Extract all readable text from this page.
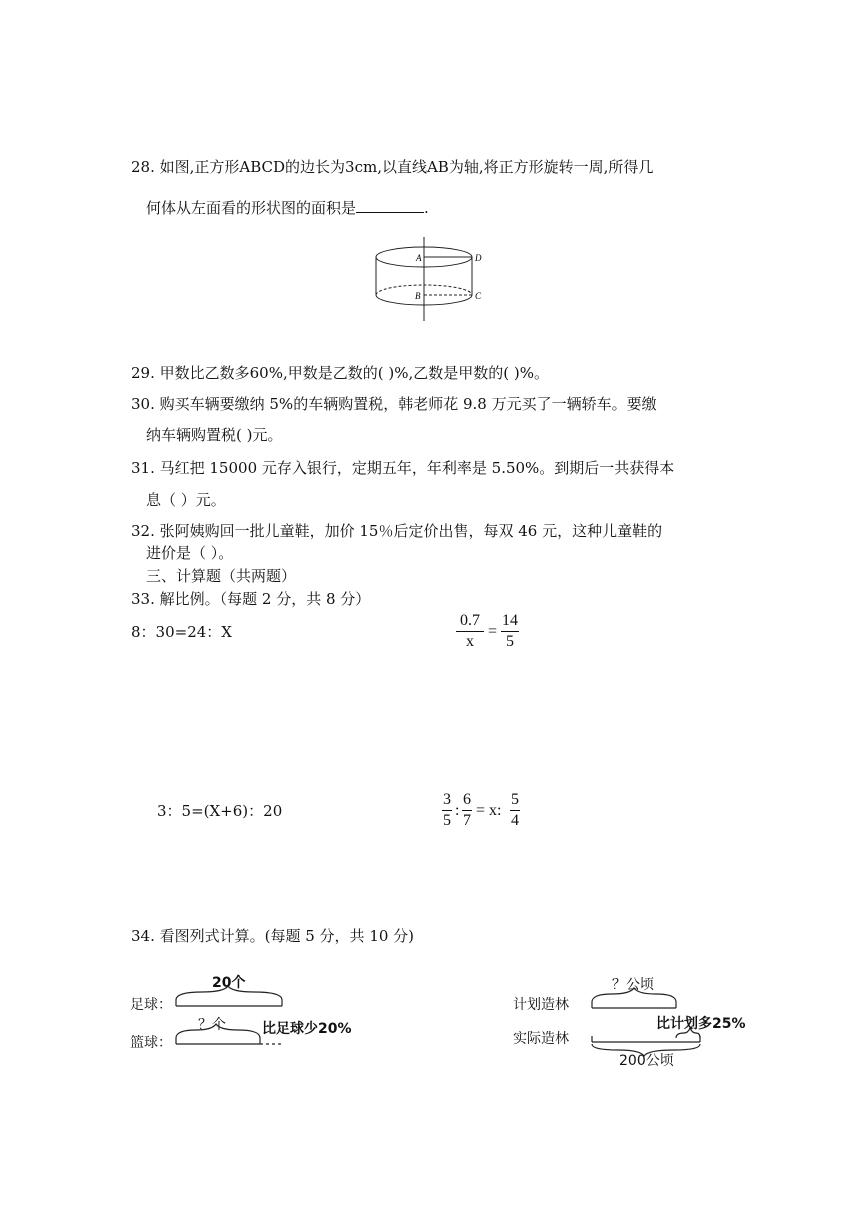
28. 如图,正方形ABCD的边长为3cm,以直线AB为轴,将正方形旋转一周,所得几
何体从左面看的形状图的面积是	.
A	D
B	C
29. 甲数比乙数多60%,甲数是乙数的( )%,乙数是甲数的( )%。
30. 购买车辆要缴纳 5%的车辆购置税，韩老师花 9.8 万元买了一辆轿车。要缴
纳车辆购置税( )元。
31. 马红把 15000 元存入银行，定期五年，年利率是 5.50%。到期后一共获得本
息（ ）元。
32. 张阿姨购回一批儿童鞋，加价 15％后定价出售，每双 46 元，这种儿童鞋的
进价是（ ）。
三、计算题（共两题）
33. 解比例。（每题 2 分，共 8 分）
8：30=24：X
0.7
x
=
14
5
3：5=(X+6)：20
3
5
:
6
7
= x:
5
4
34. 看图列式计算。(每题 5 分，共 10 分)
20个
足球：
篮球：
？个	比足球少20%
？公顷
计划造林
实际造林
比计划多25%
200公顷
